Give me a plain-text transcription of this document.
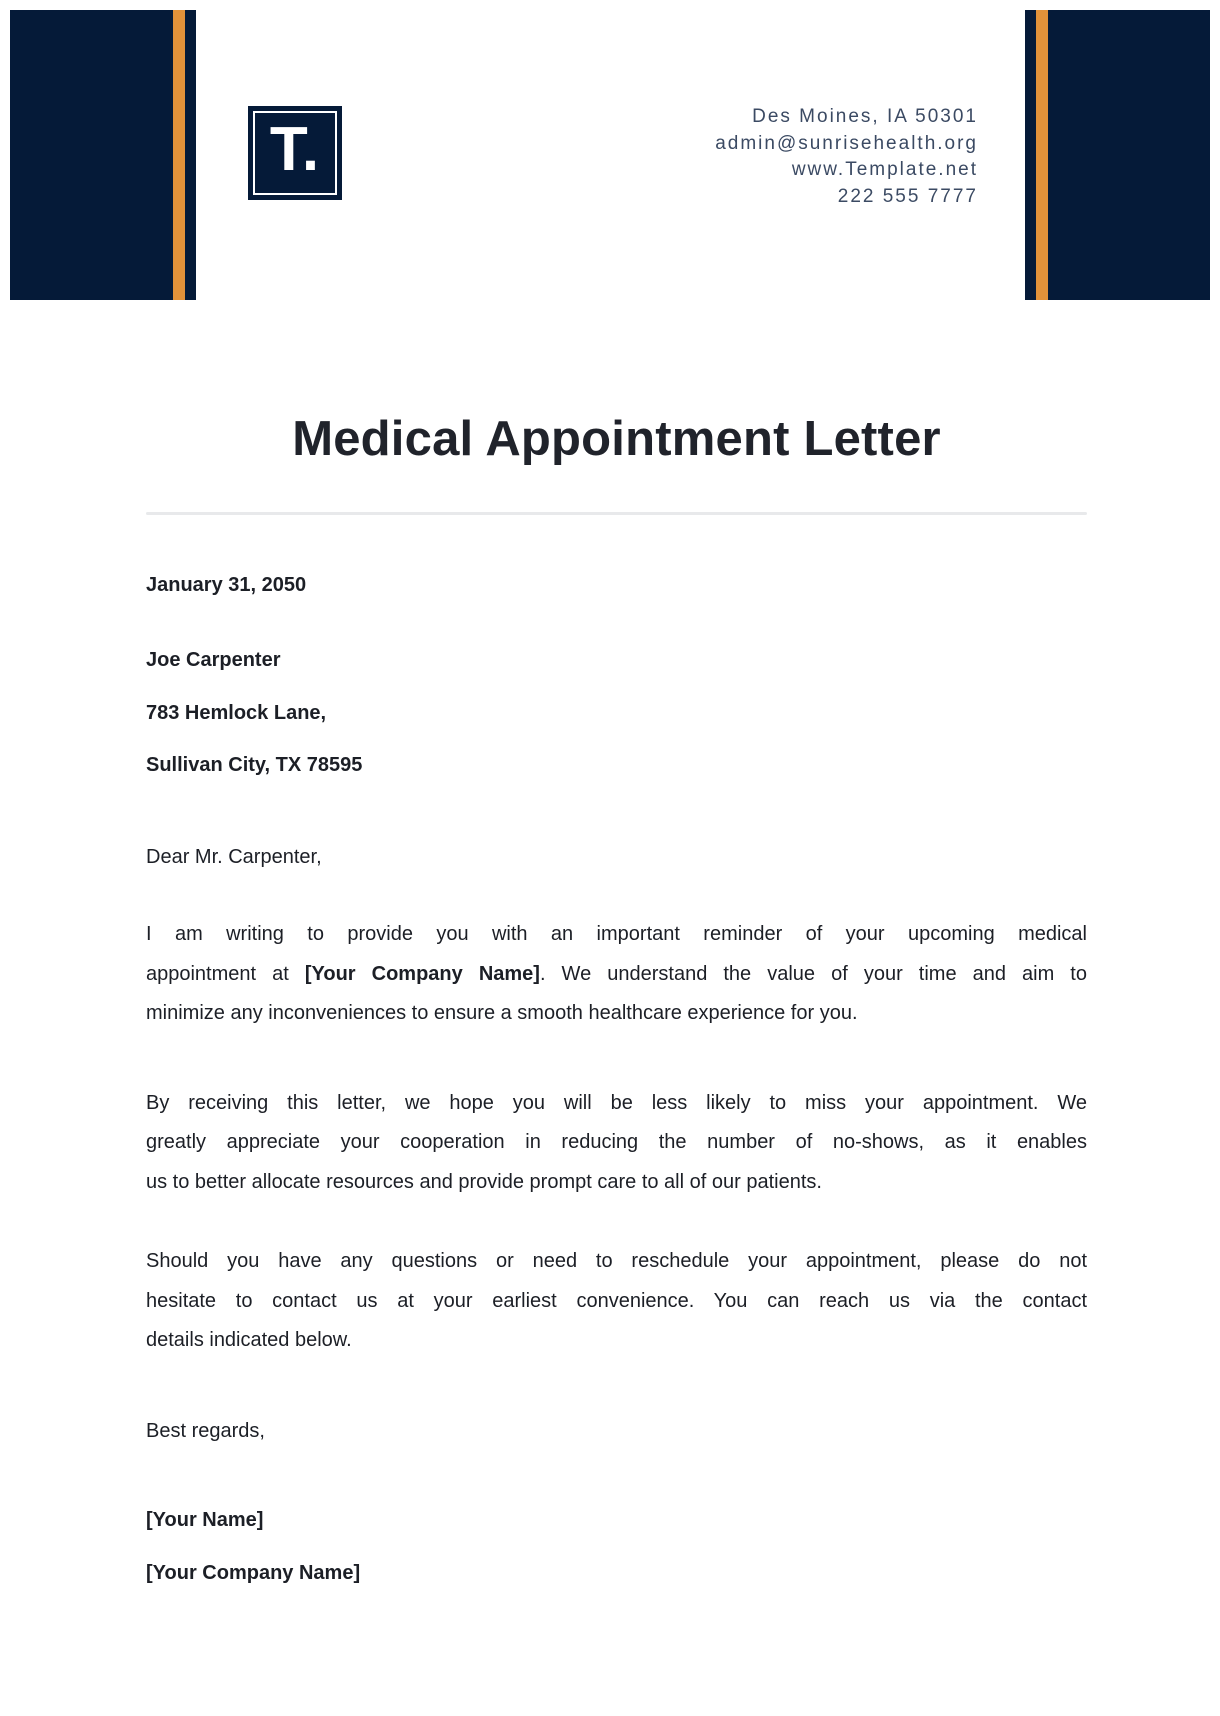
T.	Des Moines, IA 50301
admin@sunrisehealth.org
www.Template.net
222 555 7777
Medical Appointment Letter
January 31, 2050
Joe Carpenter
783 Hemlock Lane,
Sullivan City, TX 78595
Dear Mr. Carpenter,
I am writing to provide you with an important reminder of your upcoming medical
appointment at [Your Company Name]. We understand the value of your time and aim to
minimize any inconveniences to ensure a smooth healthcare experience for you.
By receiving this letter, we hope you will be less likely to miss your appointment. We
greatly appreciate your cooperation in reducing the number of no-shows, as it enables
us to better allocate resources and provide prompt care to all of our patients.
Should you have any questions or need to reschedule your appointment, please do not
hesitate to contact us at your earliest convenience. You can reach us via the contact
details indicated below.
Best regards,
[Your Name]
[Your Company Name]
